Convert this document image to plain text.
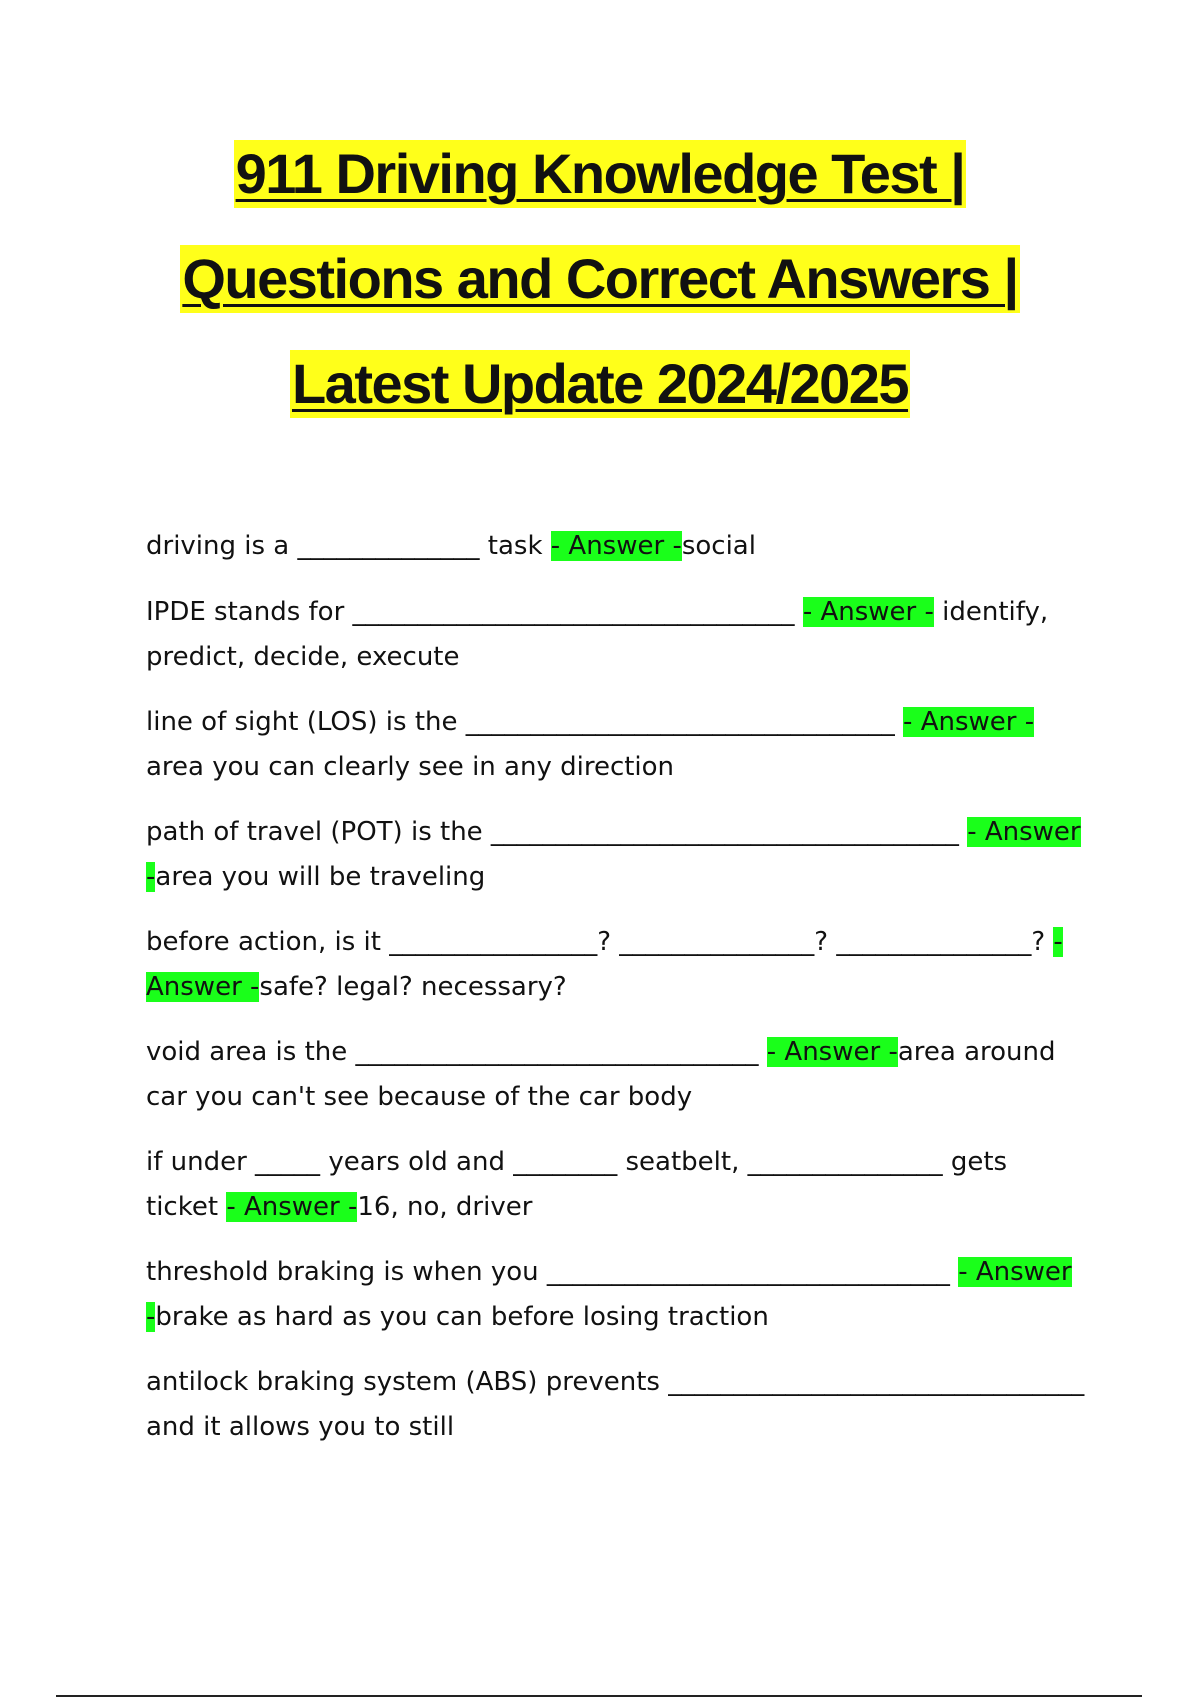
911 Driving Knowledge Test |
Questions and Correct Answers |
Latest Update 2024/2025

driving is a ______________ task - Answer -social

IPDE stands for __________________________________ - Answer - identify, predict, decide, execute

line of sight (LOS) is the _________________________________ - Answer -area you can clearly see in any direction

path of travel (POT) is the ____________________________________ - Answer -area you will be traveling

before action, is it ________________? _______________? _______________? - Answer -safe? legal? necessary?

void area is the _______________________________ - Answer -area around car you can't see because of the car body

if under _____ years old and ________ seatbelt, _______________ gets ticket - Answer -16, no, driver

threshold braking is when you _______________________________ - Answer -brake as hard as you can before losing traction

antilock braking system (ABS) prevents ________________________________ and it allows you to still
